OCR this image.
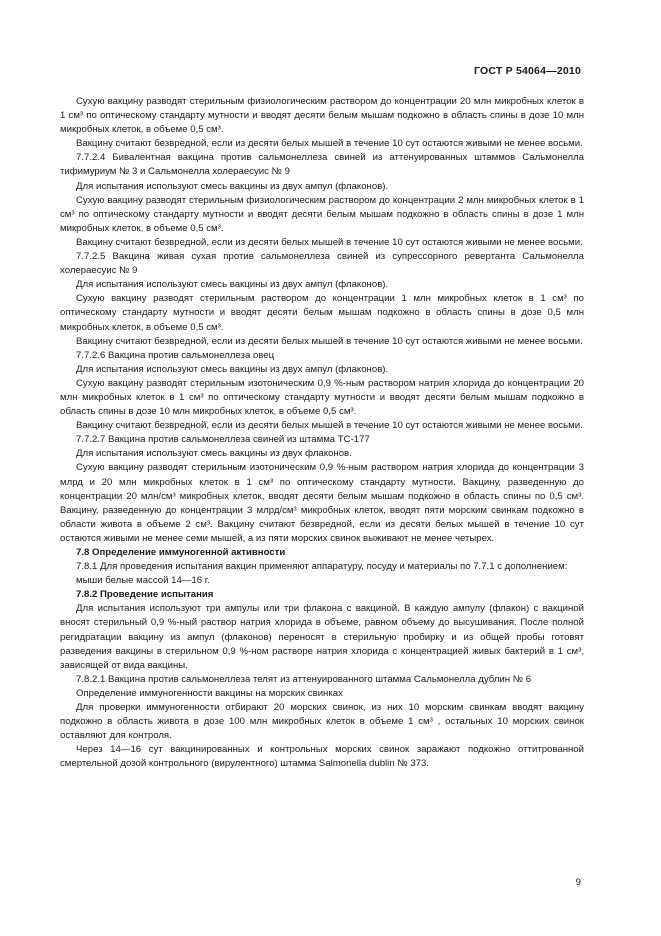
ГОСТ Р 54064—2010

Сухую вакцину разводят стерильным физиологическим раствором до концентрации 20 млн микробных клеток в 1 см³ по оптическому стандарту мутности и вводят десяти белым мышам подкожно в область спины в дозе 10 млн микробных клеток, в объеме 0,5 см³.

Вакцину считают безвредной, если из десяти белых мышей в течение 10 сут остаются живыми не менее восьми.

7.7.2.4 Бивалентная вакцина против сальмонеллеза свиней из аттенуированных штаммов Сальмонелла тифимуриум № 3 и Сальмонелла холераесуис № 9

Для испытания используют смесь вакцины из двух ампул (флаконов).

Сухую вакцину разводят стерильным физиологическим раствором до концентрации 2 млн микробных клеток в 1 см³ по оптическому стандарту мутности и вводят десяти белым мышам подкожно в область спины в дозе 1 млн микробных клеток, в объеме 0,5 см³.

Вакцину считают безвредной, если из десяти белых мышей в течение 10 сут остаются живыми не менее восьми.

7.7.2.5 Вакцина живая сухая против сальмонеллеза свиней из супрессорного ревертанта Сальмонелла холераесуис № 9

Для испытания используют смесь вакцины из двух ампул (флаконов).

Сухую вакцину разводят стерильным раствором до концентрации 1 млн микробных клеток в 1 см³ по оптическому стандарту мутности и вводят десяти белым мышам подкожно в область спины в дозе 0,5 млн микробных клеток, в объеме 0,5 см³.

Вакцину считают безвредной, если из десяти белых мышей в течение 10 сут остаются живыми не менее восьми.

7.7.2.6 Вакцина против сальмонеллеза овец

Для испытания используют смесь вакцины из двух ампул (флаконов).

Сухую вакцину разводят стерильным изотоническим 0,9 %-ным раствором натрия хлорида до концентрации 20 млн микробных клеток в 1 см³ по оптическому стандарту мутности и вводят десяти белым мышам подкожно в область спины в дозе 10 млн микробных клеток, в объеме 0,5 см³.

Вакцину считают безвредной, если из десяти белых мышей в течение 10 сут остаются живыми не менее восьми.

7.7.2.7 Вакцина против сальмонеллеза свиней из штамма ТС-177

Для испытания используют смесь вакцины из двух флаконов.

Сухую вакцину разводят стерильным изотоническим 0,9 %-ным раствором натрия хлорида до концентрации 3 млрд и 20 млн микробных клеток в 1 см³ по оптическому стандарту мутности. Вакцину, разведенную до концентрации 20 млн/см³ микробных клеток, вводят десяти белым мышам подкожно в область спины по 0,5 см³. Вакцину, разведенную до концентрации 3 млрд/см³ микробных клеток, вводят пяти морским свинкам подкожно в области живота в объеме 2 см³. Вакцину считают безвредной, если из десяти белых мышей в течение 10 сут остаются живыми не менее семи мышей, а из пяти морских свинок выживают не менее четырех.

7.8 Определение иммуногенной активности

7.8.1 Для проведения испытания вакцин применяют аппаратуру, посуду и материалы по 7.7.1 с дополнением:

мыши белые массой 14—16 г.

7.8.2 Проведение испытания

Для испытания используют три ампулы или три флакона с вакциной. В каждую ампулу (флакон) с вакциной вносят стерильный 0,9 %-ный раствор натрия хлорида в объеме, равном объему до высушивания. После полной регидратации вакцину из ампул (флаконов) переносят в стерильную пробирку и из общей пробы готовят разведения вакцины в стерильном 0,9 %-ном растворе натрия хлорида с концентрацией живых бактерий в 1 см³, зависящей от вида вакцины.

7.8.2.1 Вакцина против сальмонеллеза телят из аттенуированного штамма Сальмонелла дублин № 6

Определение иммуногенности вакцины на морских свинках

Для проверки иммуногенности отбирают 20 морских свинок, из них 10 морским свинкам вводят вакцину подкожно в область живота в дозе 100 млн микробных клеток в объеме 1 см³ , остальных 10 морских свинок оставляют для контроля.

Через 14—16 сут вакцинированных и контрольных морских свинок заражают подкожно оттитрованной смертельной дозой контрольного (вирулентного) штамма Salmonella dublin № 373.

9
